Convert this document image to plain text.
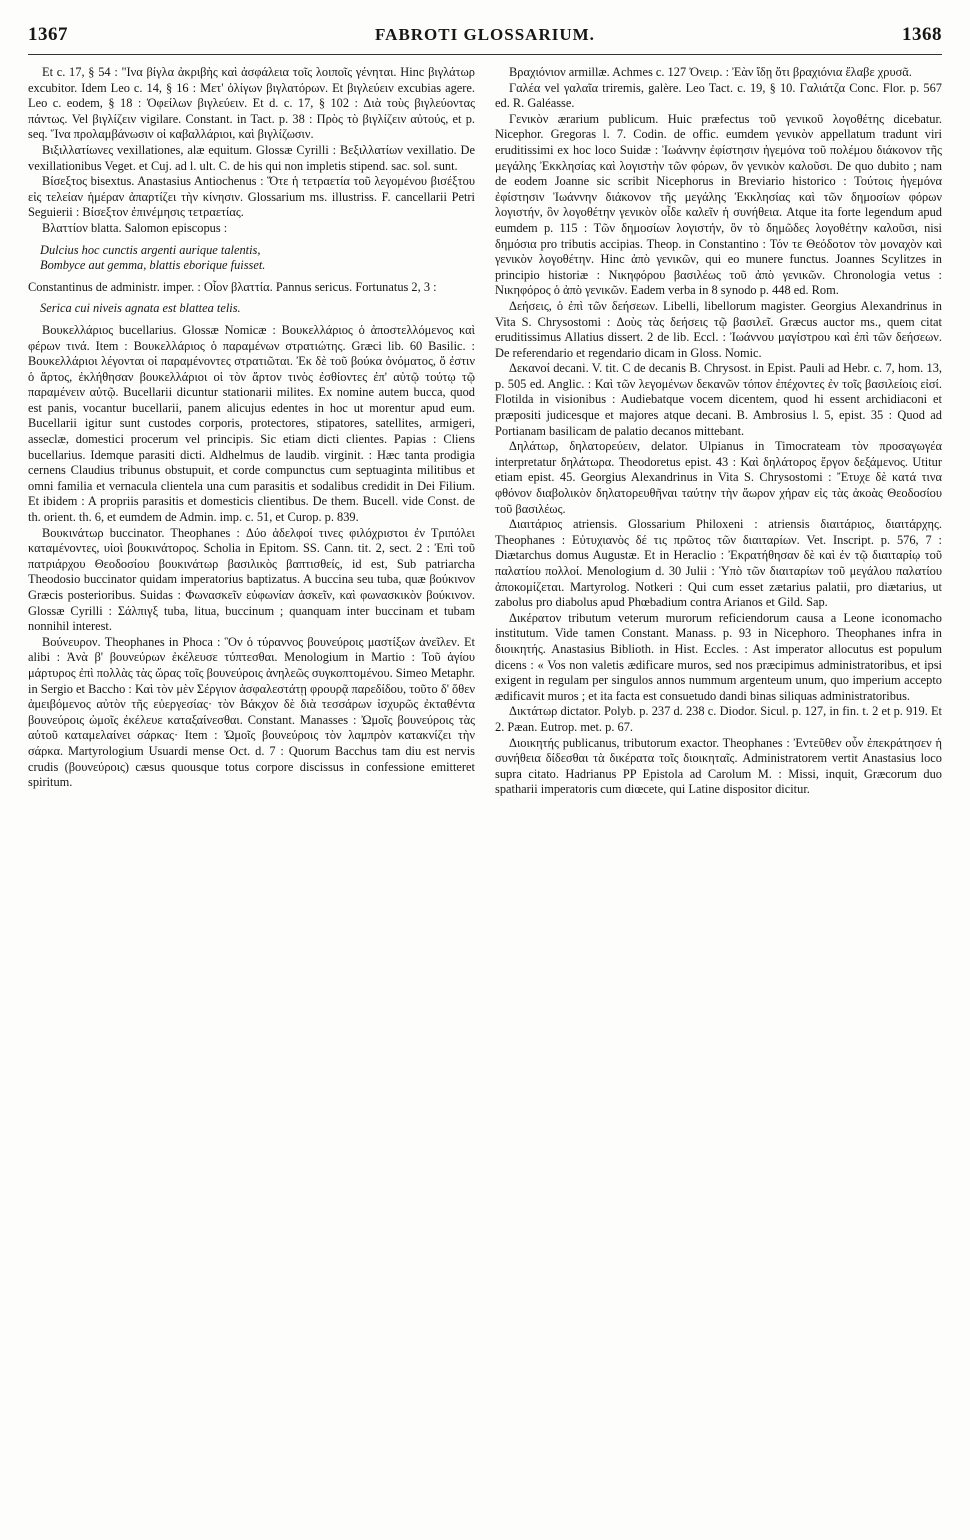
1367	FABROTI GLOSSARIUM.	1368

Et c. 17, § 54 : "Ινα βίγλα ἀκριβὴς καὶ ἀσφάλεια τοῖς λοιποῖς γένηται. Hinc βιγλάτωρ excubitor. Idem Leo c. 14, § 16 : Μετ' ὀλίγων βιγλατόρων. Et βιγλεύειν excubias agere. Leo c. eodem, § 18 : Ὀφείλων βιγλεύειν. Et d. c. 17, § 102 : Διὰ τοὺς βιγλεύοντας πάντως. Vel βιγλίζειν vigilare. Constant. in Tact. p. 38 : Πρὸς τὸ βιγλίζειν αὐτούς, et p. seq. Ἵνα προλαμβάνωσιν οἱ καβαλλάριοι, καὶ βιγλίζωσιν.

Βιξιλλατίωνες vexillationes, alæ equitum. Glossæ Cyrilli : Βεξιλλατίων vexillatio. De vexillationibus Veget. et Cuj. ad l. ult. C. de his qui non impletis stipend. sac. sol. sunt.

Βίσεξτος bisextus. Anastasius Antiochenus : Ὅτε ἡ τετραετία τοῦ λεγομένου βισέξτου εἰς τελείαν ἡμέραν ἀπαρτίζει τὴν κίνησιν. Glossarium ms. illustriss. F. cancellarii Petri Seguierii : Βίσεξτον ἐπινέμησις τετραετίας.

Βλαττίον blatta. Salomon episcopus :

Dulcius hoc cunctis argenti aurique talentis,
Bombyce aut gemma, blattis eborique fuisset.

Constantinus de administr. imper. : Οἷον βλαττία. Pannus sericus. Fortunatus 2, 3 :

Serica cui niveis agnata est blattea telis.

Βουκελλάριος bucellarius. Glossæ Nomicæ : Βουκελλάριος ὁ ἀποστελλόμενος καὶ φέρων τινά. Item : Βουκελλάριος ὁ παραμένων στρατιώτης. Græci lib. 60 Basilic. : Βουκελλάριοι λέγονται οἱ παραμένοντες στρατιῶται. Ἐκ δὲ τοῦ βούκα ὀνόματος, ὅ ἐστιν ὁ ἄρτος, ἐκλήθησαν βουκελλάριοι οἱ τὸν ἄρτον τινὸς ἐσθίοντες ἐπ' αὐτῷ τούτῳ τῷ παραμένειν αὐτῷ. Bucellarii dicuntur stationarii milites. Ex nomine autem bucca, quod est panis, vocantur bucellarii, panem alicujus edentes in hoc ut morentur apud eum. Bucellarii igitur sunt custodes corporis, protectores, stipatores, satellites, armigeri, asseclæ, domestici procerum vel principis. Sic etiam dicti clientes. Papias : Cliens bucellarius. Idemque parasiti dicti. Aldhelmus de laudib. virginit. : Hæc tanta prodigia cernens Claudius tribunus obstupuit, et corde compunctus cum septuaginta militibus et omni familia et vernacula clientela una cum parasitis et sodalibus credidit in Dei Filium. Et ibidem : A propriis parasitis et domesticis clientibus. De them. Bucell. vide Const. de th. orient. th. 6, et eumdem de Admin. imp. c. 51, et Curop. p. 839.

Βουκινάτωρ buccinator. Theophanes : Δύο ἀδελφοί τινες φιλόχριστοι ἐν Τριπόλει καταμένοντες, υἱοὶ βουκινάτορος. Scholia in Epitom. SS. Cann. tit. 2, sect. 2 : Ἐπὶ τοῦ πατριάρχου Θεοδοσίου βουκινάτωρ βασιλικὸς βαπτισθείς, id est, Sub patriarcha Theodosio buccinator quidam imperatorius baptizatus. A buccina seu tuba, quæ βούκινον Græcis posterioribus. Suidas : Φωνασκεῖν εὐφωνίαν ἀσκεῖν, καὶ φωνασκικὸν βούκινον. Glossæ Cyrilli : Σάλπιγξ tuba, litua, buccinum ; quanquam inter buccinam et tubam nonnihil interest.

Βούνευρον. Theophanes in Phoca : Ὃν ὁ τύραννος βουνεύροις μαστίξων ἀνεῖλεν. Et alibi : Ἀνὰ β' βουνεύρων ἐκέλευσε τύπτεσθαι. Menologium in Martio : Τοῦ ἁγίου μάρτυρος ἐπὶ πολλὰς τὰς ὥρας τοῖς βουνεύροις ἀνηλεῶς συγκοπτομένου. Simeo Metaphr. in Sergio et Baccho : Καὶ τὸν μὲν Σέργιον ἀσφαλεστάτῃ φρουρᾷ παρεδίδου, τοῦτο δ' ὅθεν ἀμειβόμενος αὐτὸν τῆς εὐεργεσίας· τὸν Βάκχον δὲ διὰ τεσσάρων ἰσχυρῶς ἐκταθέντα βουνεύροις ὠμοῖς ἐκέλευε καταξαίνεσθαι. Constant. Manasses : Ὠμοῖς βουνεύροις τὰς αὐτοῦ καταμελαίνει σάρκας· Item : Ὠμοῖς βουνεύροις τὸν λαμπρὸν κατακνίζει τὴν σάρκα. Martyrologium Usuardi mense Oct. d. 7 : Quorum Bacchus tam diu est nervis crudis (βουνεύροις) cæsus quousque totus corpore discissus in confessione emitteret spiritum.

Βραχιόνιον armillæ. Achmes c. 127 Ὀνειρ. : Ἐὰν ἴδῃ ὅτι βραχιόνια ἔλαβε χρυσᾶ.

Γαλέα vel γαλαῖα triremis, galère. Leo Tact. c. 19, § 10. Γαλιάτζα Conc. Flor. p. 567 ed. R. Galéasse.

Γενικὸν ærarium publicum. Huic præfectus τοῦ γενικοῦ λογοθέτης dicebatur. Nicephor. Gregoras l. 7. Codin. de offic. eumdem γενικὸν appellatum tradunt viri eruditissimi ex hoc loco Suidæ : Ἰωάννην ἐφίστησιν ἡγεμόνα τοῦ πολέμου διάκονον τῆς μεγάλης Ἐκκλησίας καὶ λογιστὴν τῶν φόρων, ὃν γενικὸν καλοῦσι. De quo dubito ; nam de eodem Joanne sic scribit Nicephorus in Breviario historico : Τούτοις ἡγεμόνα ἐφίστησιν Ἰωάννην διάκονον τῆς μεγάλης Ἐκκλησίας καὶ τῶν δημοσίων φόρων λογιστήν, ὃν λογοθέτην γενικὸν οἶδε καλεῖν ἡ συνήθεια. Atque ita forte legendum apud eumdem p. 115 : Τῶν δημοσίων λογιστήν, ὃν τὸ δημῶδες λογοθέτην καλοῦσι, nisi δημόσια pro tributis accipias. Theop. in Constantino : Τόν τε Θεόδοτον τὸν μοναχὸν καὶ γενικὸν λογοθέτην. Hinc ἀπὸ γενικῶν, qui eo munere functus. Joannes Scylitzes in principio historiæ : Νικηφόρου βασιλέως τοῦ ἀπὸ γενικῶν. Chronologia vetus : Νικηφόρος ὁ ἀπὸ γενικῶν. Eadem verba in 8 synodo p. 448 ed. Rom.

Δεήσεις, ὁ ἐπὶ τῶν δεήσεων. Libelli, libellorum magister. Georgius Alexandrinus in Vita S. Chrysostomi : Δοὺς τὰς δεήσεις τῷ βασιλεῖ. Græcus auctor ms., quem citat eruditissimus Allatius dissert. 2 de lib. Eccl. : Ἰωάννου μαγίστρου καὶ ἐπὶ τῶν δεήσεων. De referendario et regendario dicam in Gloss. Nomic.

Δεκανοί decani. V. tit. C de decanis B. Chrysost. in Epist. Pauli ad Hebr. c. 7, hom. 13, p. 505 ed. Anglic. : Καὶ τῶν λεγομένων δεκανῶν τόπον ἐπέχοντες ἐν τοῖς βασιλείοις εἰσί. Flotilda in visionibus : Audiebatque vocem dicentem, quod hi essent archidiaconi et præpositi judicesque et majores atque decani. B. Ambrosius l. 5, epist. 35 : Quod ad Portianam basilicam de palatio decanos mittebant.

Δηλάτωρ, δηλατορεύειν, delator. Ulpianus in Timocrateam τὸν προσαγωγέα interpretatur δηλάτωρα. Theodoretus epist. 43 : Καὶ δηλάτορος ἔργον δεξάμενος. Utitur etiam epist. 45. Georgius Alexandrinus in Vita S. Chrysostomi : Ἔτυχε δὲ κατά τινα φθόνον διαβολικὸν δηλατορευθῆναι ταύτην τὴν ἄωρον χήραν εἰς τὰς ἀκοὰς Θεοδοσίου τοῦ βασιλέως.

Διαιτάριος atriensis. Glossarium Philoxeni : atriensis διαιτάριος, διαιτάρχης. Theophanes : Εὐτυχιανὸς δέ τις πρῶτος τῶν διαιταρίων. Vet. Inscript. p. 576, 7 : Diætarchus domus Augustæ. Et in Heraclio : Ἐκρατήθησαν δὲ καὶ ἐν τῷ διαιταρίῳ τοῦ παλατίου πολλοί. Menologium d. 30 Julii : Ὑπὸ τῶν διαιταρίων τοῦ μεγάλου παλατίου ἀποκομίζεται. Martyrolog. Notkeri : Qui cum esset zætarius palatii, pro diætarius, ut zabolus pro diabolus apud Phœbadium contra Arianos et Gild. Sap.

Δικέρατον tributum veterum murorum reficiendorum causa a Leone iconomacho institutum. Vide tamen Constant. Manass. p. 93 in Nicephoro. Theophanes infra in διοικητής. Anastasius Biblioth. in Hist. Eccles. : Ast imperator allocutus est populum dicens : « Vos non valetis ædificare muros, sed nos præcipimus administratoribus, et ipsi exigent in regulam per singulos annos nummum argenteum unum, quo imperium accepto ædificavit muros ; et ita facta est consuetudo dandi binas siliquas administratoribus.

Δικτάτωρ dictator. Polyb. p. 237 d. 238 c. Diodor. Sicul. p. 127, in fin. t. 2 et p. 919. Et 2. Pæan. Eutrop. met. p. 67.

Διοικητής publicanus, tributorum exactor. Theophanes : Ἐντεῦθεν οὖν ἐπεκράτησεν ἡ συνήθεια δίδεσθαι τὰ δικέρατα τοῖς διοικηταῖς. Administratorem vertit Anastasius loco supra citato. Hadrianus PP Epistola ad Carolum M. : Missi, inquit, Græcorum duo spatharii imperatoris cum diœcete, qui Latine dispositor dicitur.
